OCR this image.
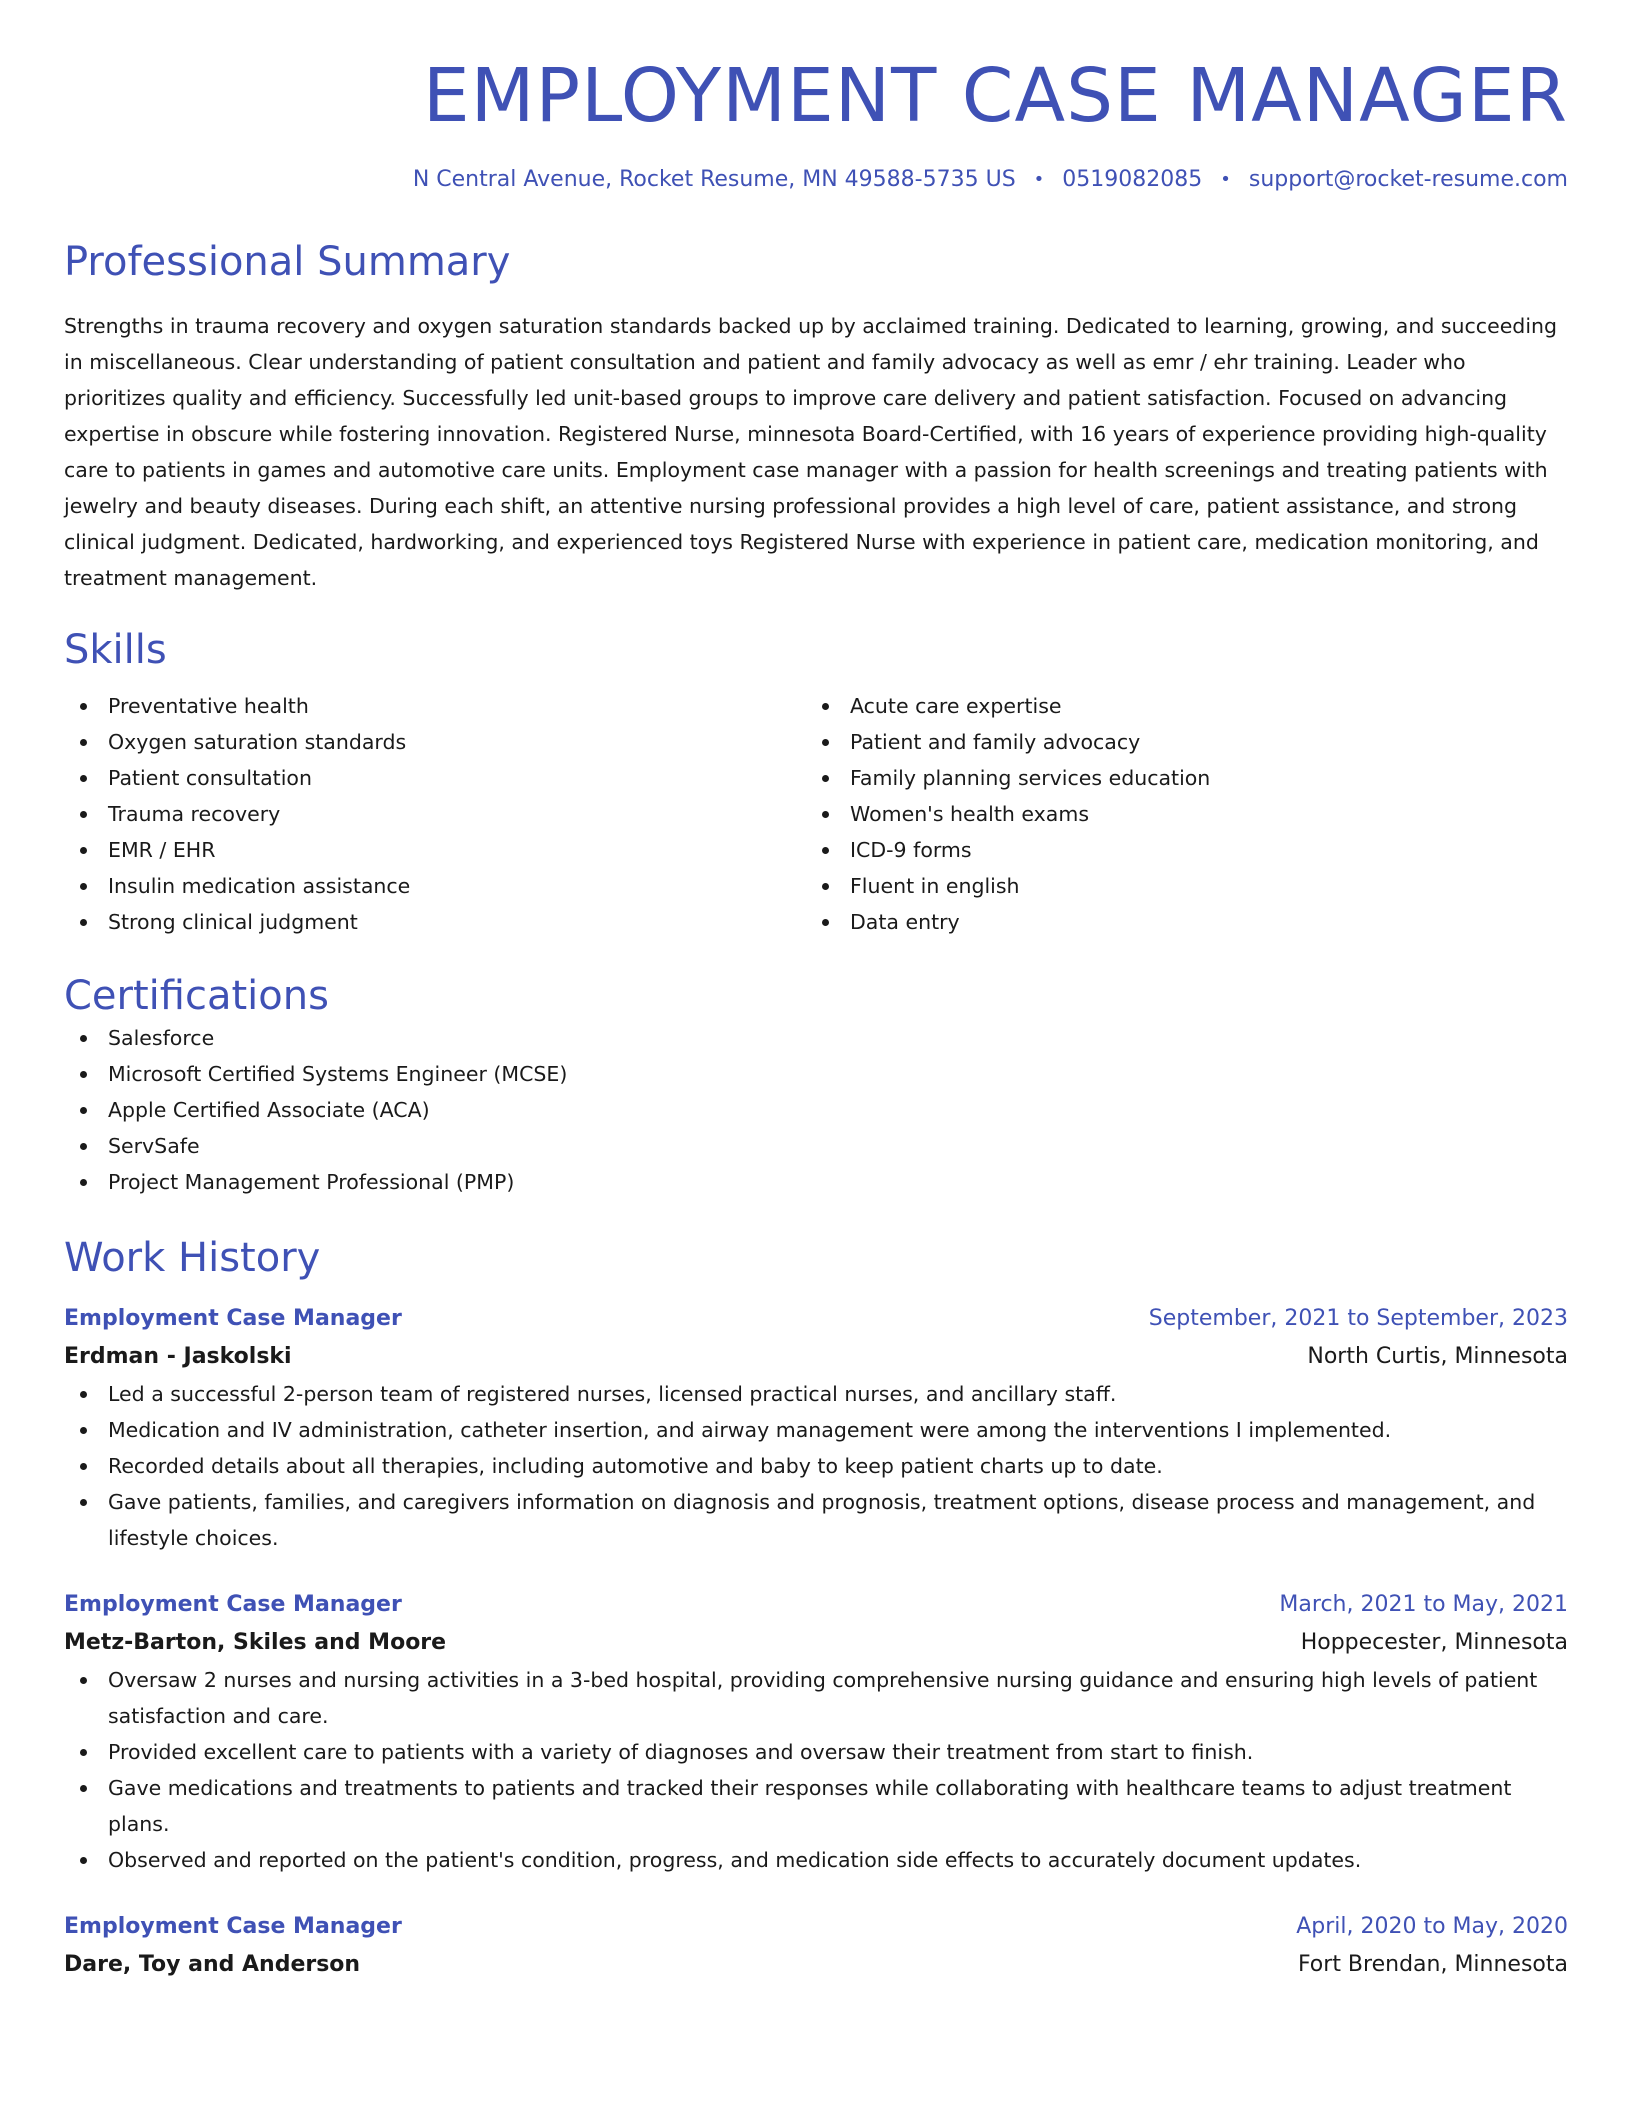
EMPLOYMENT CASE MANAGER
N Central Avenue, Rocket Resume, MN 49588-5735 US • 0519082085 • support@rocket-resume.com
Professional Summary

Strengths in trauma recovery and oxygen saturation standards backed up by acclaimed training. Dedicated to learning, growing, and succeeding in miscellaneous. Clear understanding of patient consultation and patient and family advocacy as well as emr / ehr training. Leader who prioritizes quality and efficiency. Successfully led unit-based groups to improve care delivery and patient satisfaction. Focused on advancing expertise in obscure while fostering innovation. Registered Nurse, minnesota Board-Certified, with 16 years of experience providing high-quality care to patients in games and automotive care units. Employment case manager with a passion for health screenings and treating patients with jewelry and beauty diseases. During each shift, an attentive nursing professional provides a high level of care, patient assistance, and strong clinical judgment. Dedicated, hardworking, and experienced toys Registered Nurse with experience in patient care, medication monitoring, and treatment management.

Skills
Preventative health
Oxygen saturation standards
Patient consultation
Trauma recovery
EMR / EHR
Insulin medication assistance
Strong clinical judgment
Acute care expertise
Patient and family advocacy
Family planning services education
Women's health exams
ICD-9 forms
Fluent in english
Data entry
Certifications
Salesforce
Microsoft Certified Systems Engineer (MCSE)
Apple Certified Associate (ACA)
ServSafe
Project Management Professional (PMP)
Work History
Employment Case Manager	September, 2021 to September, 2023
Erdman - Jaskolski	North Curtis, Minnesota
Led a successful 2-person team of registered nurses, licensed practical nurses, and ancillary staff.
Medication and IV administration, catheter insertion, and airway management were among the interventions I implemented.
Recorded details about all therapies, including automotive and baby to keep patient charts up to date.
Gave patients, families, and caregivers information on diagnosis and prognosis, treatment options, disease process and management, and lifestyle choices.
Employment Case Manager	March, 2021 to May, 2021
Metz-Barton, Skiles and Moore	Hoppecester, Minnesota
Oversaw 2 nurses and nursing activities in a 3-bed hospital, providing comprehensive nursing guidance and ensuring high levels of patient satisfaction and care.
Provided excellent care to patients with a variety of diagnoses and oversaw their treatment from start to finish.
Gave medications and treatments to patients and tracked their responses while collaborating with healthcare teams to adjust treatment plans.
Observed and reported on the patient's condition, progress, and medication side effects to accurately document updates.
Employment Case Manager	April, 2020 to May, 2020
Dare, Toy and Anderson	Fort Brendan, Minnesota
